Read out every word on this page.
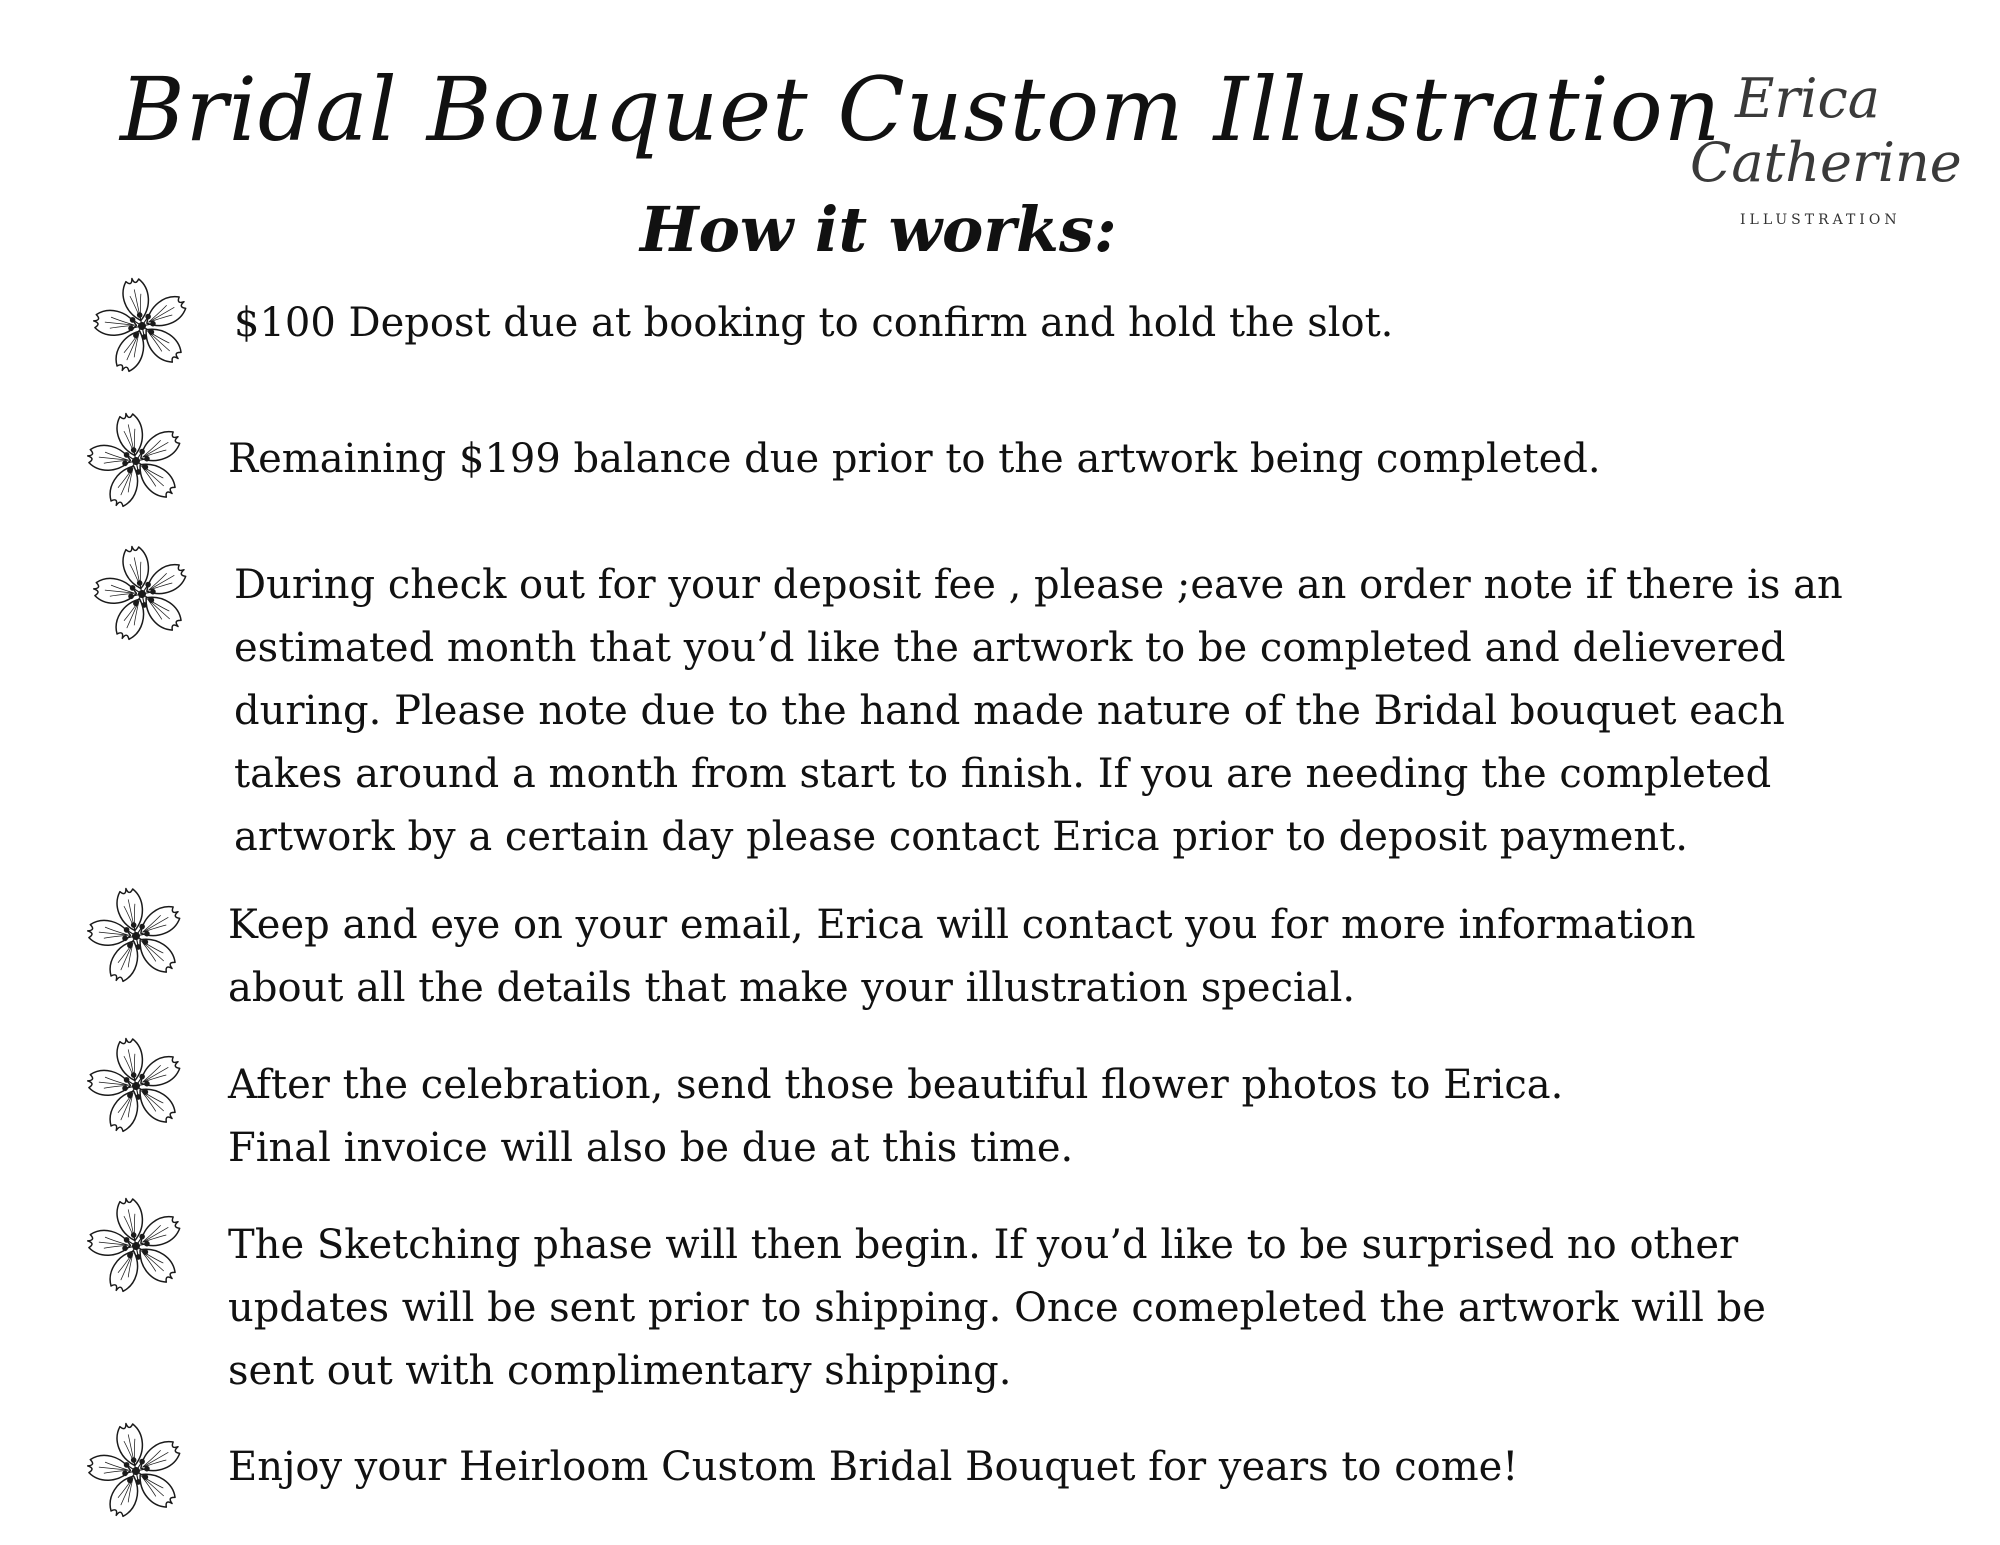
Bridal Bouquet Custom Illustration
How it works:
Erica
Catherine
ILLUSTRATION

$100 Depost due at booking to confirm and hold the slot.

Remaining $199 balance due prior to the artwork being completed.

During check out for your deposit fee , please ;eave an order note if there is an
estimated month that you’d like the artwork to be completed and delievered
during. Please note due to the hand made nature of the Bridal bouquet each
takes around a month from start to finish. If you are needing the completed
artwork by a certain day please contact Erica prior to deposit payment.

Keep and eye on your email, Erica will contact you for more information
about all the details that make your illustration special.

After the celebration, send those beautiful flower photos to Erica.
Final invoice will also be due at this time.

The Sketching phase will then begin. If you’d like to be surprised no other
updates will be sent prior to shipping. Once comepleted the artwork will be
sent out with complimentary shipping.

Enjoy your Heirloom Custom Bridal Bouquet for years to come!
